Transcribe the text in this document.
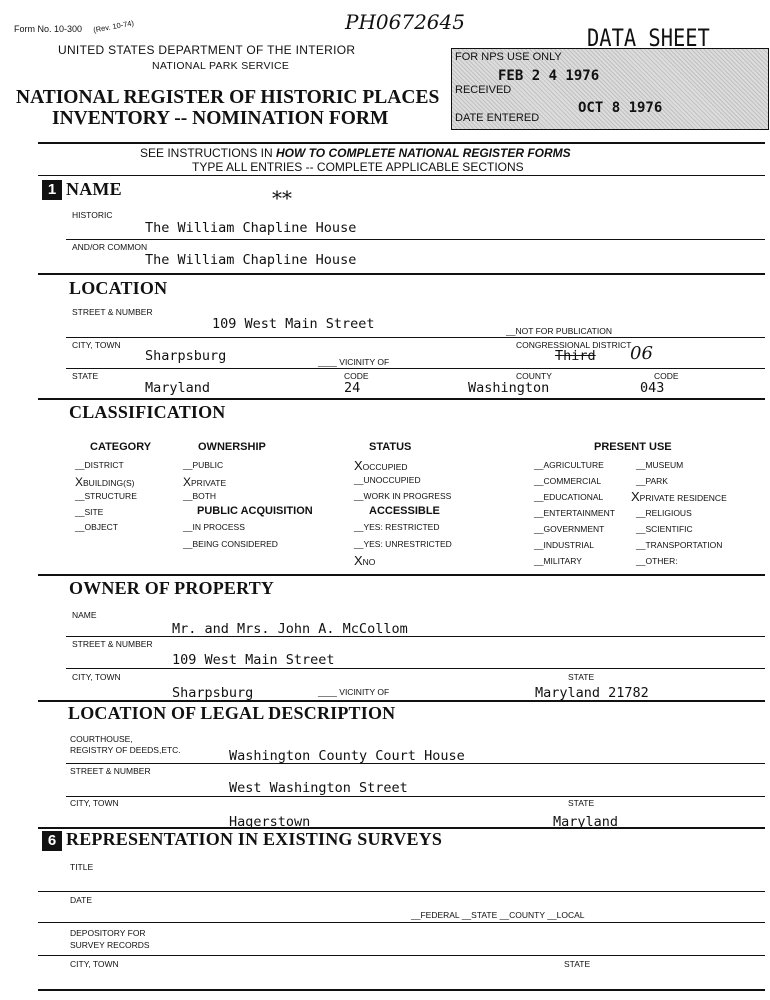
Form No. 10-300 (Rev. 10-74)	PH0672645
UNITED STATES DEPARTMENT OF THE INTERIOR
NATIONAL PARK SERVICE
NATIONAL REGISTER OF HISTORIC PLACES
INVENTORY -- NOMINATION FORM
FOR NPS USE ONLY
FEB 2 4 1976
RECEIVED
OCT 8 1976
DATE ENTERED
DATA SHEET
SEE INSTRUCTIONS IN HOW TO COMPLETE NATIONAL REGISTER FORMS
TYPE ALL ENTRIES -- COMPLETE APPLICABLE SECTIONS
1 NAME	**
HISTORIC
The William Chapline House
AND/OR COMMON
The William Chapline House
LOCATION
STREET & NUMBER
109 West Main Street	__NOT FOR PUBLICATION
CITY, TOWN
Sharpsburg	____ VICINITY OF
CONGRESSIONAL DISTRICT
Third 06
STATE
Maryland
CODE
24
COUNTY
Washington
CODE
043
CLASSIFICATION
CATEGORY
__DISTRICT
XBUILDING(S)
__STRUCTURE
__SITE
__OBJECT
OWNERSHIP
__PUBLIC
XPRIVATE
__BOTH
PUBLIC ACQUISITION
__IN PROCESS
__BEING CONSIDERED
STATUS
XOCCUPIED
__UNOCCUPIED
__WORK IN PROGRESS
ACCESSIBLE
__YES: RESTRICTED
__YES: UNRESTRICTED
XNO
PRESENT USE
__AGRICULTURE
__COMMERCIAL
__EDUCATIONAL
__ENTERTAINMENT
__GOVERNMENT
__INDUSTRIAL
__MILITARY
__MUSEUM
__PARK
XPRIVATE RESIDENCE
__RELIGIOUS
__SCIENTIFIC
__TRANSPORTATION
__OTHER:
OWNER OF PROPERTY
NAME
Mr. and Mrs. John A. McCollom
STREET & NUMBER
109 West Main Street
CITY, TOWN
Sharpsburg	____ VICINITY OF
STATE
Maryland 21782
LOCATION OF LEGAL DESCRIPTION
COURTHOUSE,
REGISTRY OF DEEDS,ETC.	Washington County Court House
STREET & NUMBER
West Washington Street
CITY, TOWN
Hagerstown
STATE
Maryland
6 REPRESENTATION IN EXISTING SURVEYS
TITLE
DATE
__FEDERAL __STATE __COUNTY __LOCAL
DEPOSITORY FOR
SURVEY RECORDS
CITY, TOWN	STATE
